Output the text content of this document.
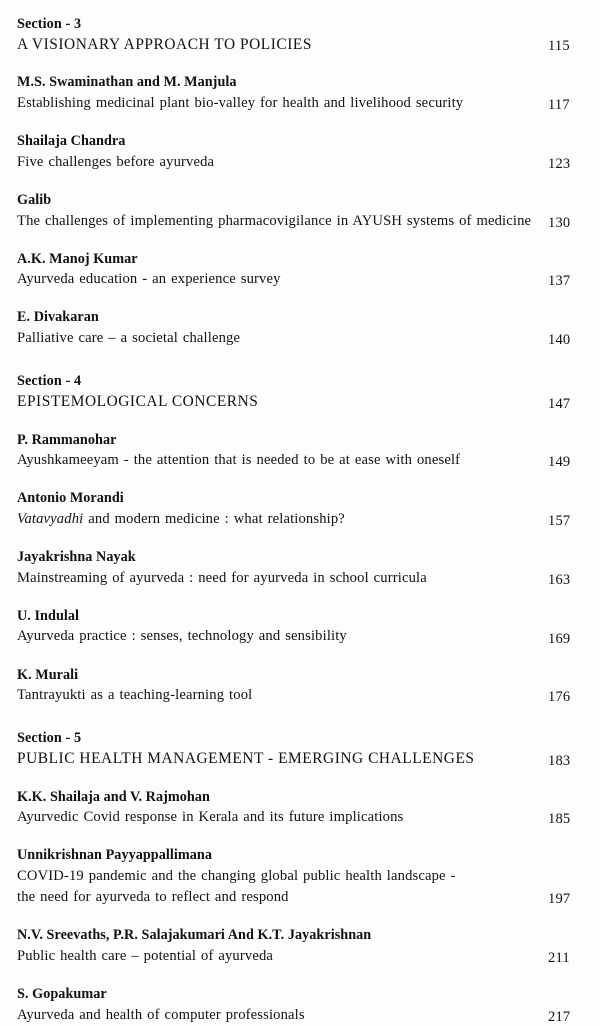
Section - 3
A VISIONARY APPROACH TO POLICIES	115
M.S. Swaminathan and M. Manjula
Establishing medicinal plant bio-valley for health and livelihood security	117
Shailaja Chandra
Five challenges before ayurveda	123
Galib
The challenges of implementing pharmacovigilance in AYUSH systems of medicine	130
A.K. Manoj Kumar
Ayurveda education - an experience survey	137
E. Divakaran
Palliative care – a societal challenge	140
Section - 4
EPISTEMOLOGICAL CONCERNS	147
P. Rammanohar
Ayushkameeyam - the attention that is needed to be at ease with oneself	149
Antonio Morandi
Vatavyadhi and modern medicine : what relationship?	157
Jayakrishna Nayak
Mainstreaming of ayurveda : need for ayurveda in school curricula	163
U. Indulal
Ayurveda practice : senses, technology and sensibility	169
K. Murali
Tantrayukti as a teaching-learning tool	176
Section - 5
PUBLIC HEALTH MANAGEMENT - EMERGING CHALLENGES	183
K.K. Shailaja and V. Rajmohan
Ayurvedic Covid response in Kerala and its future implications	185
Unnikrishnan Payyappallimana
COVID-19 pandemic and the changing global public health landscape -
the need for ayurveda to reflect and respond	197
N.V. Sreevaths, P.R. Salajakumari And K.T. Jayakrishnan
Public health care – potential of ayurveda	211
S. Gopakumar
Ayurveda and health of computer professionals	217
